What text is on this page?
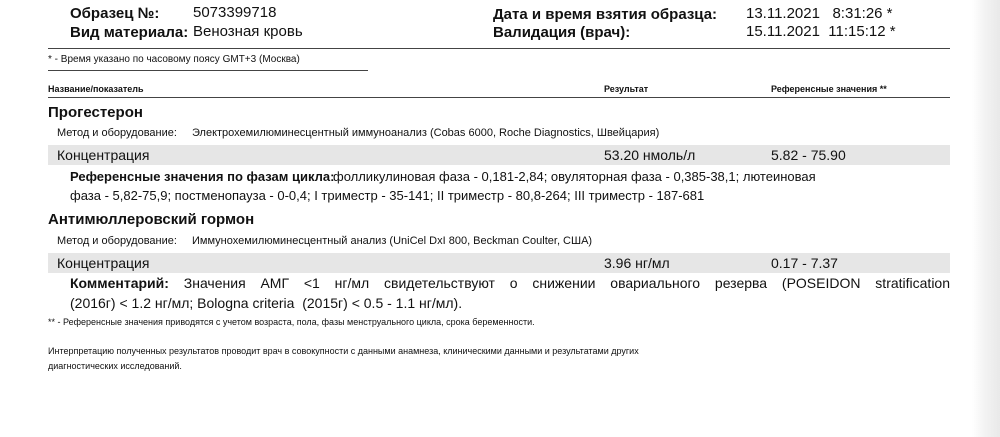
Образец №: 5073399718
Вид материала: Венозная кровь
Дата и время взятия образца: 13.11.2021   8:31:26 *
Валидация (врач):	15.11.2021  11:15:12 *
* - Время указано по часовому поясу GMT+3 (Москва)
Название/показатель	Результат	Референсные значения **
Прогестерон
Метод и оборудование: Электрохемилюминесцентный иммуноанализ (Cobas 6000, Roche Diagnostics, Швейцария)
Концентрация	53.20 нмоль/л	5.82 - 75.90
Референсные значения по фазам цикла:
фолликулиновая фаза - 0,181-2,84; овуляторная фаза - 0,385-38,1; лютеиновая
фаза - 5,82-75,9; постменопауза - 0-0,4; I триместр - 35-141; II триместр - 80,8-264; III триместр - 187-681
Антимюллеровский гормон
Метод и оборудование: Иммунохемилюминесцентный анализ (UniCel DxI 800, Beckman Coulter, США)
Концентрация	3.96 нг/мл	0.17 - 7.37
Комментарий: Значения АМГ <1 нг/мл свидетельствуют о снижении овариального резерва (POSEIDON stratification
(2016г) < 1.2 нг/мл; Bologna criteria  (2015г) < 0.5 - 1.1 нг/мл).
** - Референсные значения приводятся с учетом возраста, пола, фазы менструального цикла, срока беременности.
Интерпретацию полученных результатов проводит врач в совокупности с данными анамнеза, клиническими данными и результатами других
диагностических исследований.
